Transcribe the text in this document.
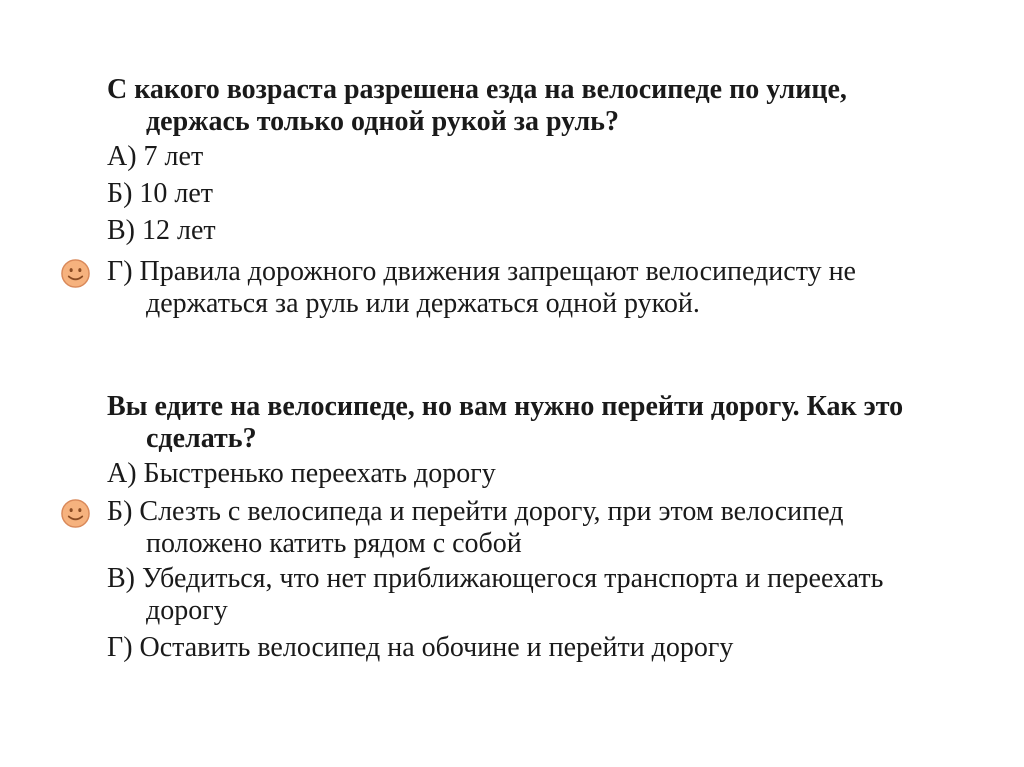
С какого возраста разрешена езда на велосипеде по улице,
держась только одной рукой за руль?
А) 7 лет
Б) 10 лет
В) 12 лет
Г) Правила дорожного движения запрещают велосипедисту не
держаться за руль или держаться одной рукой.
Вы едите на велосипеде, но вам нужно перейти дорогу. Как это
сделать?
А) Быстренько переехать дорогу
Б) Слезть с велосипеда и перейти дорогу, при этом велосипед
положено катить рядом с собой
В) Убедиться, что нет приближающегося транспорта и переехать
дорогу
Г) Оставить велосипед на обочине и перейти дорогу
